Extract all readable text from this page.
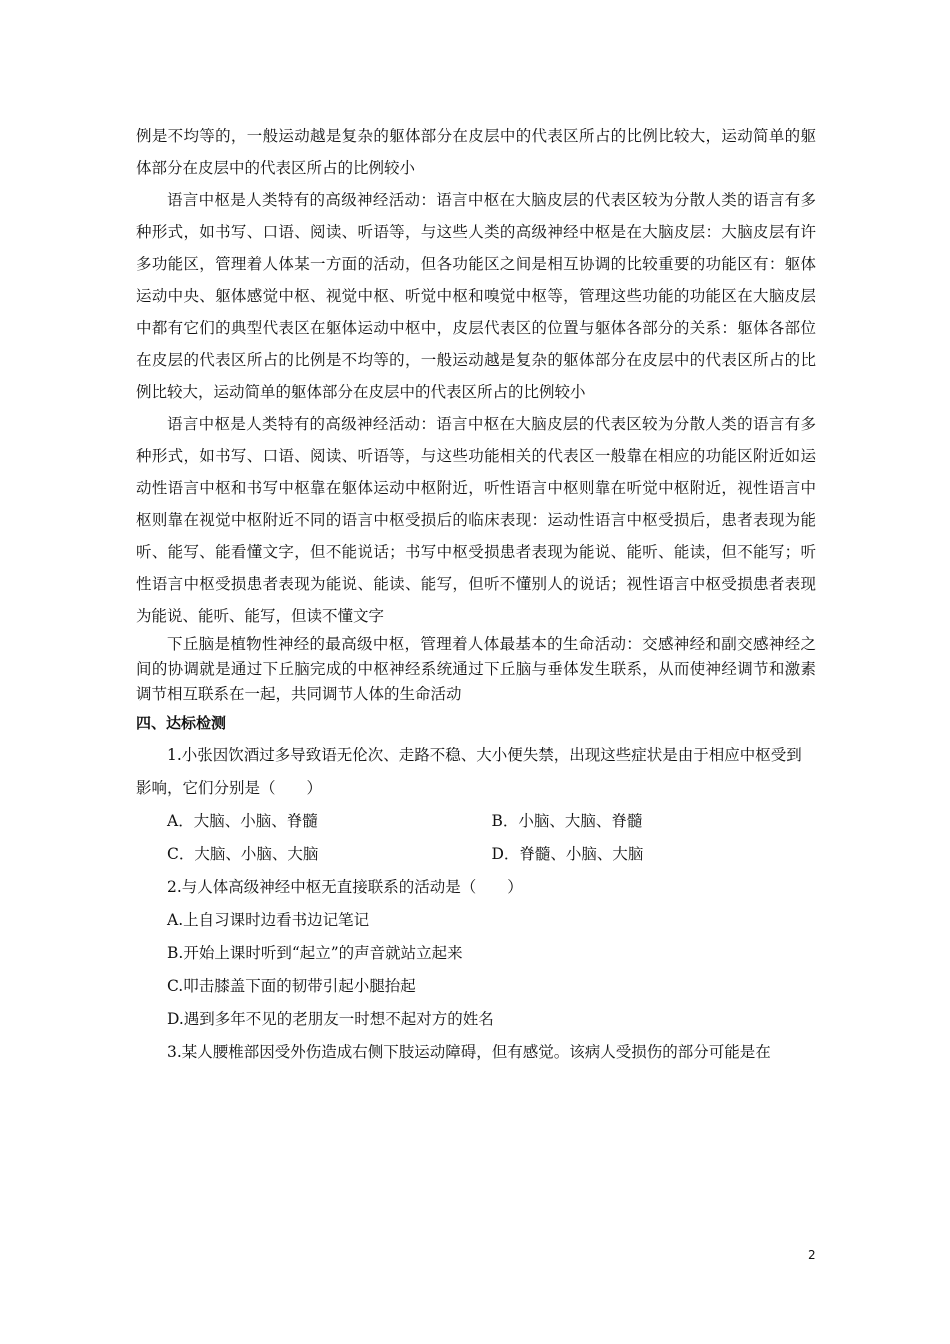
例是不均等的，一般运动越是复杂的躯体部分在皮层中的代表区所占的比例比较大，运动简单的躯体部分在皮层中的代表区所占的比例较小

语言中枢是人类特有的高级神经活动：语言中枢在大脑皮层的代表区较为分散人类的语言有多种形式，如书写、口语、阅读、听语等，与这些人类的高级神经中枢是在大脑皮层：大脑皮层有许多功能区，管理着人体某一方面的活动，但各功能区之间是相互协调的比较重要的功能区有：躯体运动中央、躯体感觉中枢、视觉中枢、听觉中枢和嗅觉中枢等，管理这些功能的功能区在大脑皮层中都有它们的典型代表区在躯体运动中枢中，皮层代表区的位置与躯体各部分的关系：躯体各部位在皮层的代表区所占的比例是不均等的，一般运动越是复杂的躯体部分在皮层中的代表区所占的比例比较大，运动简单的躯体部分在皮层中的代表区所占的比例较小

语言中枢是人类特有的高级神经活动：语言中枢在大脑皮层的代表区较为分散人类的语言有多种形式，如书写、口语、阅读、听语等，与这些功能相关的代表区一般靠在相应的功能区附近如运动性语言中枢和书写中枢靠在躯体运动中枢附近，听性语言中枢则靠在听觉中枢附近，视性语言中枢则靠在视觉中枢附近不同的语言中枢受损后的临床表现：运动性语言中枢受损后，患者表现为能听、能写、能看懂文字，但不能说话；书写中枢受损患者表现为能说、能听、能读，但不能写；听性语言中枢受损患者表现为能说、能读、能写，但听不懂别人的说话；视性语言中枢受损患者表现为能说、能听、能写，但读不懂文字

下丘脑是植物性神经的最高级中枢，管理着人体最基本的生命活动：交感神经和副交感神经之间的协调就是通过下丘脑完成的中枢神经系统通过下丘脑与垂体发生联系，从而使神经调节和激素调节相互联系在一起，共同调节人体的生命活动

四、达标检测

1.小张因饮酒过多导致语无伦次、走路不稳、大小便失禁，出现这些症状是由于相应中枢受到影响，它们分别是（　　）

A．大脑、小脑、脊髓	B．小脑、大脑、脊髓
C．大脑、小脑、大脑	D．脊髓、小脑、大脑

2.与人体高级神经中枢无直接联系的活动是（　　）

A.上自习课时边看书边记笔记

B.开始上课时听到“起立”的声音就站立起来

C.叩击膝盖下面的韧带引起小腿抬起

D.遇到多年不见的老朋友一时想不起对方的姓名

3.某人腰椎部因受外伤造成右侧下肢运动障碍，但有感觉。该病人受损伤的部分可能是在

2
